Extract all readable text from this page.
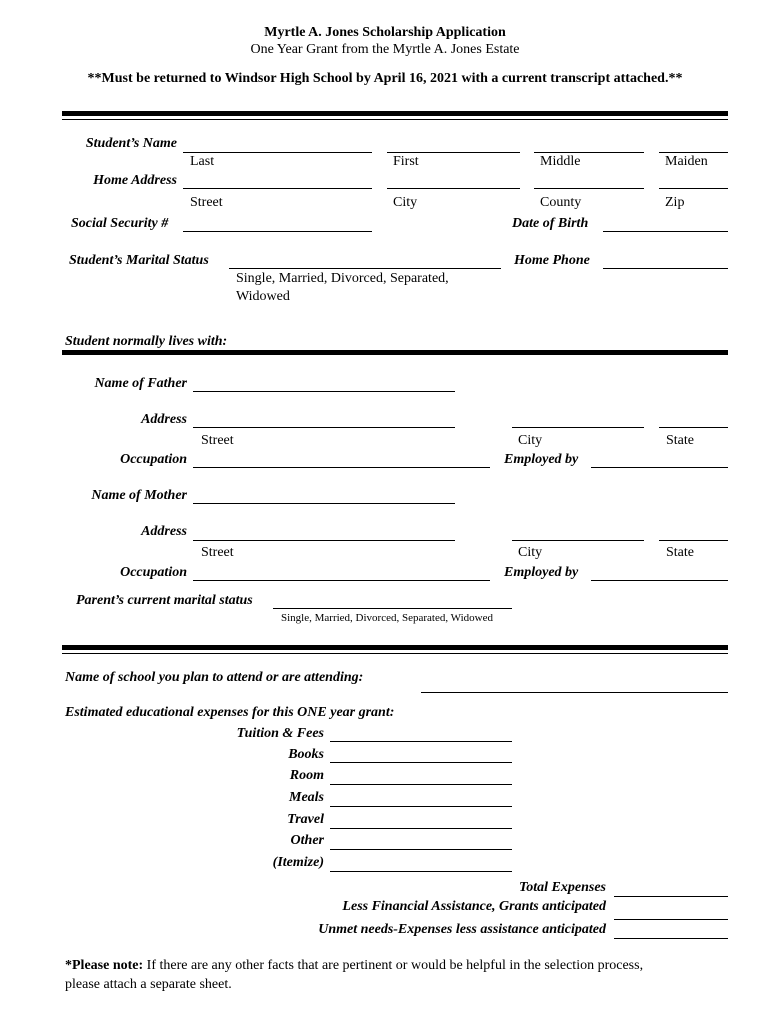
Myrtle A. Jones Scholarship Application
One Year Grant from the Myrtle A. Jones Estate
**Must be returned to Windsor High School by April 16, 2021 with a current transcript attached.**
Student’s Name
Last	First	Middle	Maiden
Home Address
Street	City	County	Zip
Social Security #	Date of Birth
Student’s Marital Status
Single, Married, Divorced, Separated,
Widowed
Home Phone
Student normally lives with:
Name of Father
Address
Street	City	State
Occupation	Employed by
Name of Mother
Address
Street	City	State
Occupation	Employed by
Parent’s current marital status
Single, Married, Divorced, Separated, Widowed
Name of school you plan to attend or are attending:
Estimated educational expenses for this ONE year grant:
Tuition & Fees
Books
Room
Meals
Travel
Other
(Itemize)
Total Expenses
Less Financial Assistance, Grants anticipated
Unmet needs-Expenses less assistance anticipated
*Please note: If there are any other facts that are pertinent or would be helpful in the selection process,
please attach a separate sheet.
